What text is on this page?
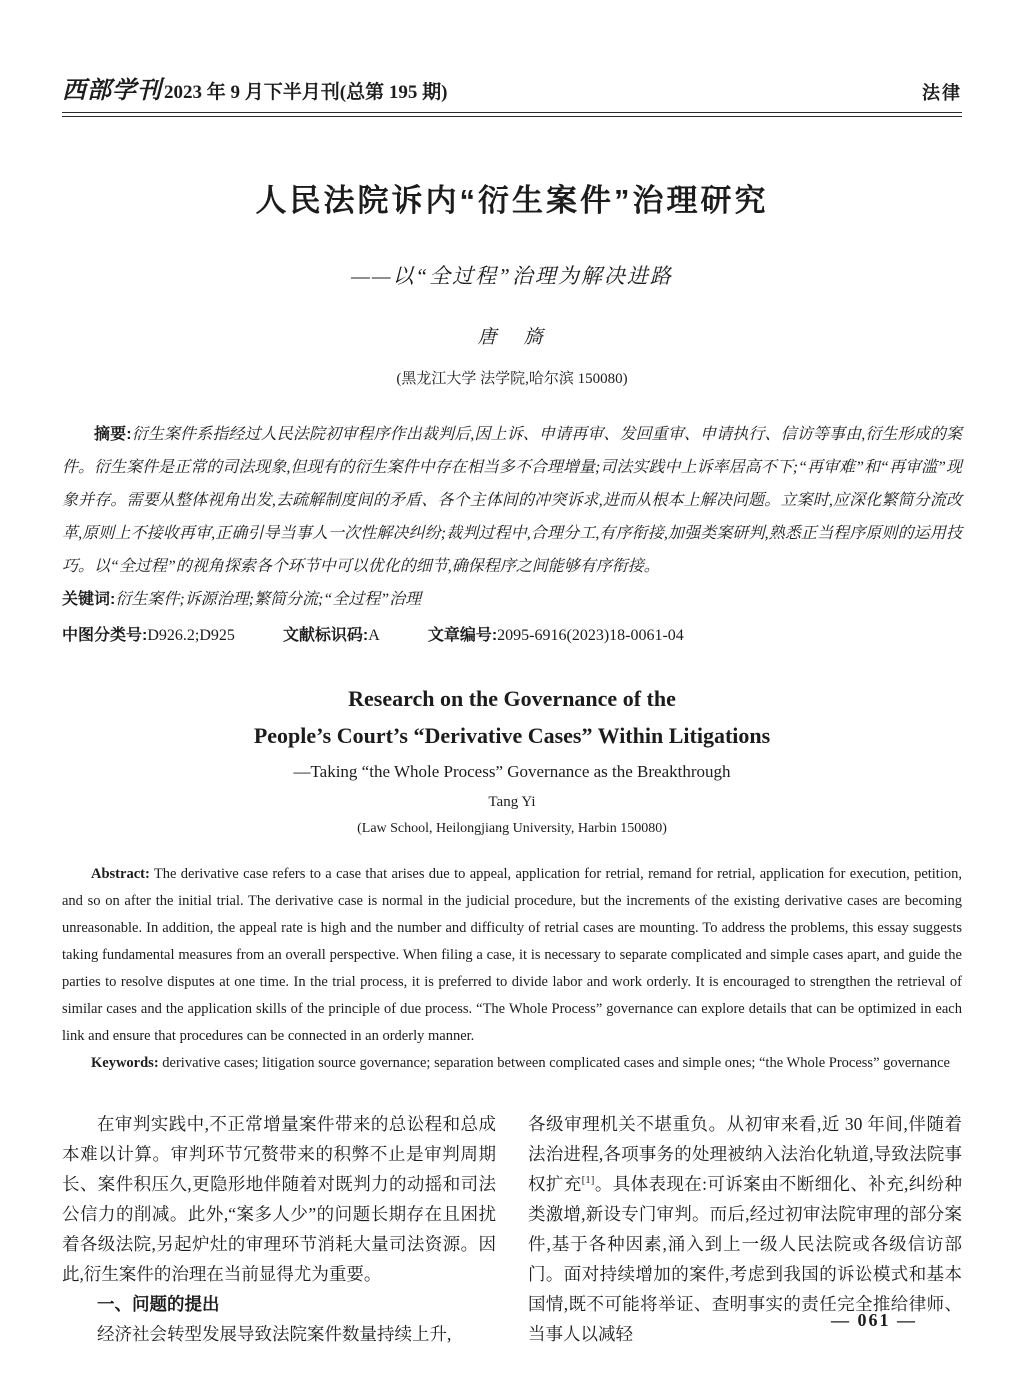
西部学刊 2023 年 9 月下半月刊(总第 195 期)	法律
人民法院诉内“衍生案件”治理研究
——以“全过程”治理为解决进路
唐　旖
(黑龙江大学 法学院,哈尔滨 150080)

摘要:衍生案件系指经过人民法院初审程序作出裁判后,因上诉、申请再审、发回重审、申请执行、信访等事由,衍生形成的案件。衍生案件是正常的司法现象,但现有的衍生案件中存在相当多不合理增量;司法实践中上诉率居高不下;“再审难”和“再审滥”现象并存。需要从整体视角出发,去疏解制度间的矛盾、各个主体间的冲突诉求,进而从根本上解决问题。立案时,应深化繁简分流改革,原则上不接收再审,正确引导当事人一次性解决纠纷;裁判过程中,合理分工,有序衔接,加强类案研判,熟悉正当程序原则的运用技巧。以“全过程”的视角探索各个环节中可以优化的细节,确保程序之间能够有序衔接。

关键词:衍生案件;诉源治理;繁简分流;“全过程”治理

中图分类号:D926.2;D925	文献标识码:A	文章编号:2095-6916(2023)18-0061-04

Research on the Governance of the
People’s Court’s “Derivative Cases” Within Litigations
—Taking “the Whole Process” Governance as the Breakthrough
Tang Yi
(Law School, Heilongjiang University, Harbin 150080)

Abstract: The derivative case refers to a case that arises due to appeal, application for retrial, remand for retrial, application for execution, petition, and so on after the initial trial. The derivative case is normal in the judicial procedure, but the increments of the existing derivative cases are becoming unreasonable. In addition, the appeal rate is high and the number and difficulty of retrial cases are mounting. To address the problems, this essay suggests taking fundamental measures from an overall perspective. When filing a case, it is necessary to separate complicated and simple cases apart, and guide the parties to resolve disputes at one time. In the trial process, it is preferred to divide labor and work orderly. It is encouraged to strengthen the retrieval of similar cases and the application skills of the principle of due process. “The Whole Process” governance can explore details that can be optimized in each link and ensure that procedures can be connected in an orderly manner.

Keywords: derivative cases; litigation source governance; separation between complicated cases and simple ones; “the Whole Process” governance

在审判实践中,不正常增量案件带来的总讼程和总成本难以计算。审判环节冗赘带来的积弊不止是审判周期长、案件积压久,更隐形地伴随着对既判力的动摇和司法公信力的削减。此外,“案多人少”的问题长期存在且困扰着各级法院,另起炉灶的审理环节消耗大量司法资源。因此,衍生案件的治理在当前显得尤为重要。

一、问题的提出

经济社会转型发展导致法院案件数量持续上升,

各级审理机关不堪重负。从初审来看,近 30 年间,伴随着法治进程,各项事务的处理被纳入法治化轨道,导致法院事权扩充[1]。具体表现在:可诉案由不断细化、补充,纠纷种类激增,新设专门审判。而后,经过初审法院审理的部分案件,基于各种因素,涌入到上一级人民法院或各级信访部门。面对持续增加的案件,考虑到我国的诉讼模式和基本国情,既不可能将举证、查明事实的责任完全推给律师、当事人以减轻

— 061 —
